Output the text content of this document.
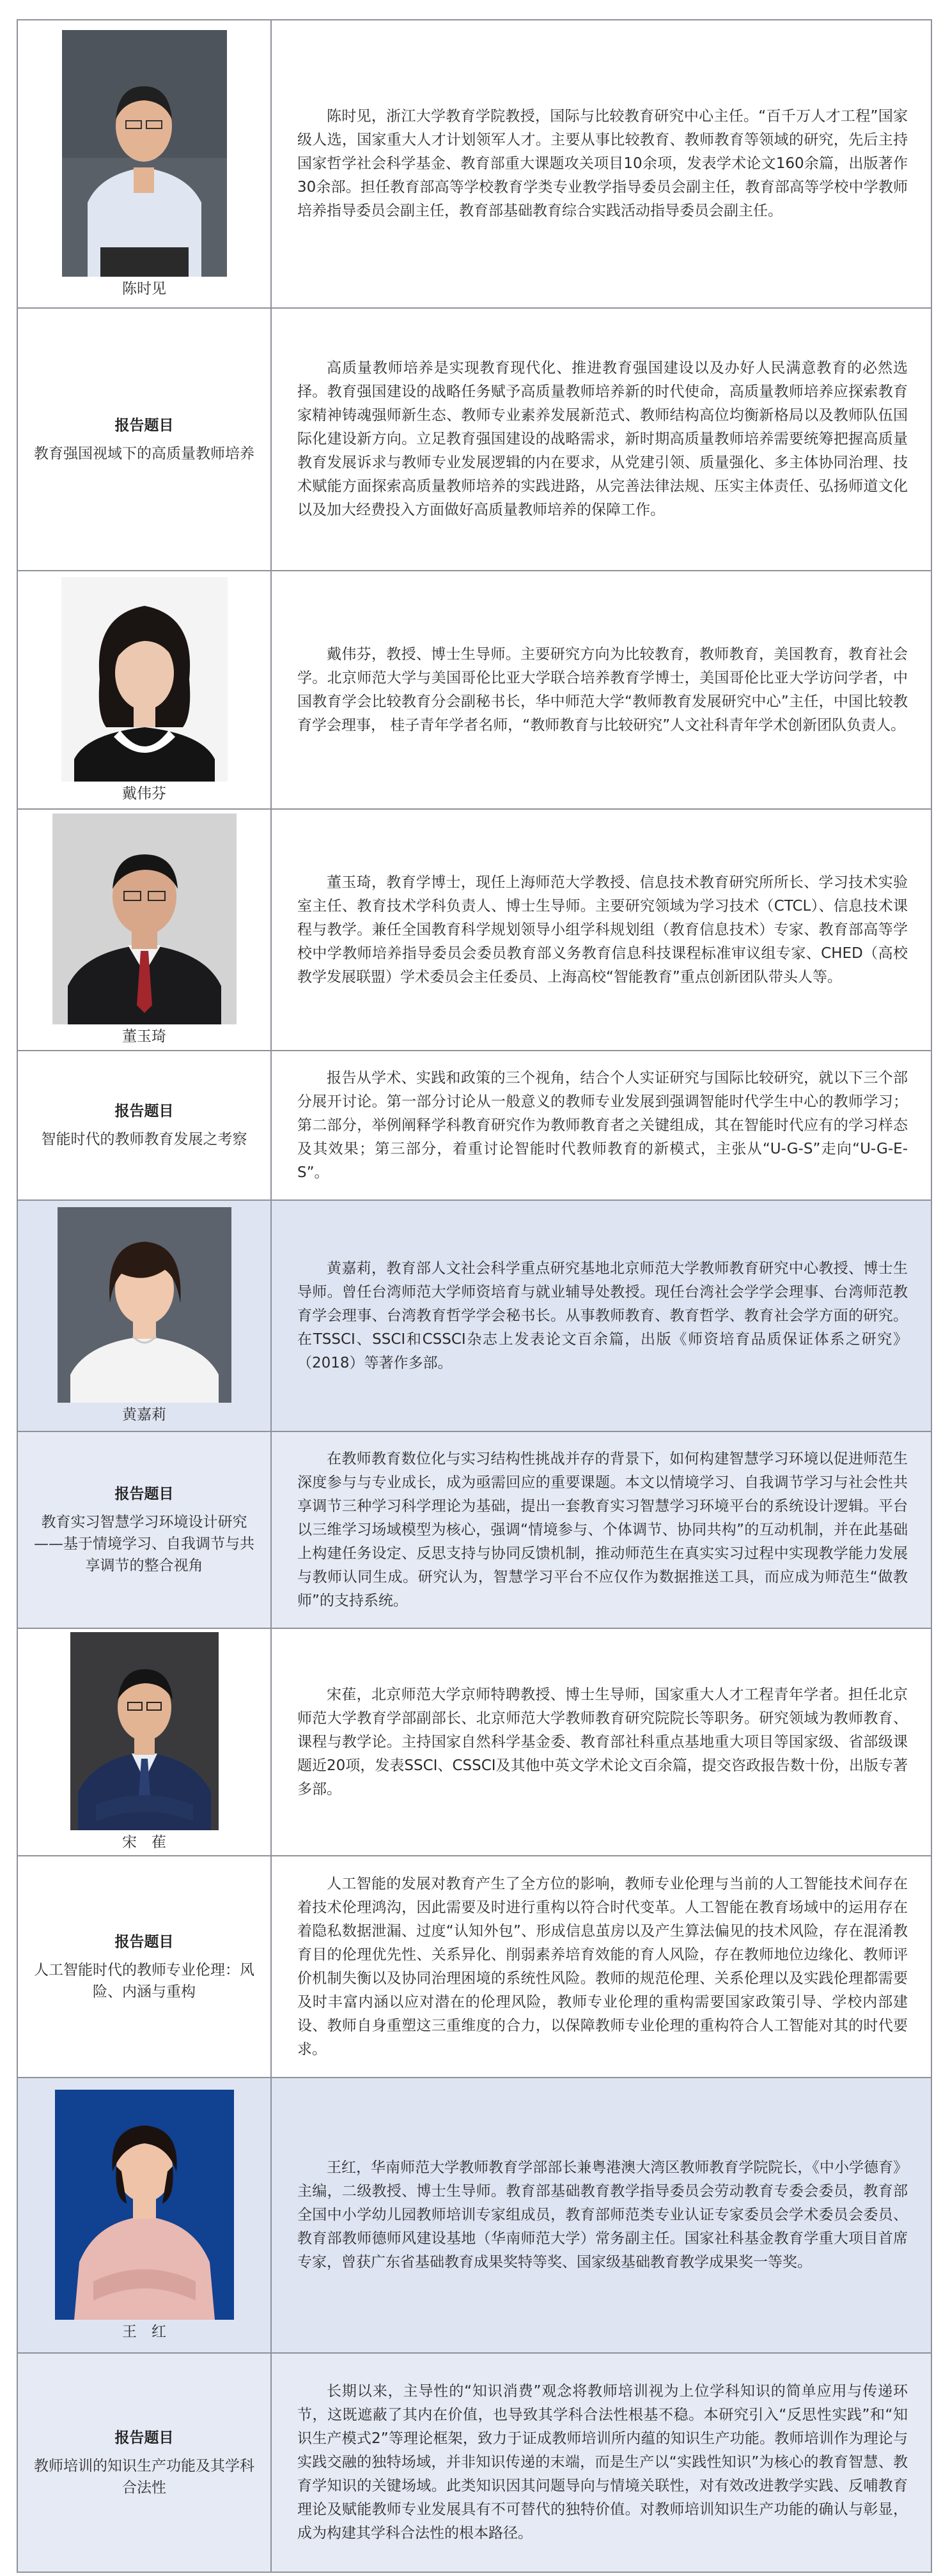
陈时见

陈时见，浙江大学教育学院教授，国际与比较教育研究中心主任。“百千万人才工程”国家级人选，国家重大人才计划领军人才。主要从事比较教育、教师教育等领域的研究，先后主持国家哲学社会科学基金、教育部重大课题攻关项目10余项，发表学术论文160余篇，出版著作30余部。担任教育部高等学校教育学类专业教学指导委员会副主任，教育部高等学校中学教师培养指导委员会副主任，教育部基础教育综合实践活动指导委员会副主任。

报告题目
教育强国视域下的高质量教师培养

高质量教师培养是实现教育现代化、推进教育强国建设以及办好人民满意教育的必然选择。教育强国建设的战略任务赋予高质量教师培养新的时代使命，高质量教师培养应探索教育家精神铸魂强师新生态、教师专业素养发展新范式、教师结构高位均衡新格局以及教师队伍国际化建设新方向。立足教育强国建设的战略需求，新时期高质量教师培养需要统筹把握高质量教育发展诉求与教师专业发展逻辑的内在要求，从党建引领、质量强化、多主体协同治理、技术赋能方面探索高质量教师培养的实践进路，从完善法律法规、压实主体责任、弘扬师道文化以及加大经费投入方面做好高质量教师培养的保障工作。

戴伟芬

戴伟芬，教授、博士生导师。主要研究方向为比较教育，教师教育，美国教育，教育社会学。北京师范大学与美国哥伦比亚大学联合培养教育学博士，美国哥伦比亚大学访问学者，中国教育学会比较教育分会副秘书长，华中师范大学“教师教育发展研究中心”主任，中国比较教育学会理事， 桂子青年学者名师，“教师教育与比较研究”人文社科青年学术创新团队负责人。

董玉琦

董玉琦，教育学博士，现任上海师范大学教授、信息技术教育研究所所长、学习技术实验室主任、教育技术学科负责人、博士生导师。主要研究领域为学习技术（CTCL）、信息技术课程与教学。兼任全国教育科学规划领导小组学科规划组（教育信息技术）专家、教育部高等学校中学教师培养指导委员会委员教育部义务教育信息科技课程标准审议组专家、CHED（高校教学发展联盟）学术委员会主任委员、上海高校“智能教育”重点创新团队带头人等。

报告题目
智能时代的教师教育发展之考察

报告从学术、实践和政策的三个视角，结合个人实证研究与国际比较研究，就以下三个部分展开讨论。第一部分讨论从一般意义的教师专业发展到强调智能时代学生中心的教师学习；第二部分，举例阐释学科教育研究作为教师教育者之关键组成，其在智能时代应有的学习样态及其效果；第三部分，着重讨论智能时代教师教育的新模式，主张从“U-G-S”走向“U-G-E-S”。

黄嘉莉

黄嘉莉，教育部人文社会科学重点研究基地北京师范大学教师教育研究中心教授、博士生导师。曾任台湾师范大学师资培育与就业辅导处教授。现任台湾社会学学会理事、台湾师范教育学会理事、台湾教育哲学学会秘书长。从事教师教育、教育哲学、教育社会学方面的研究。在TSSCI、SSCI和CSSCI杂志上发表论文百余篇，出版《师资培育品质保证体系之研究》（2018）等著作多部。

报告题目
教育实习智慧学习环境设计研究——基于情境学习、自我调节与共享调节的整合视角

在教师教育数位化与实习结构性挑战并存的背景下，如何构建智慧学习环境以促进师范生深度参与与专业成长，成为亟需回应的重要课题。本文以情境学习、自我调节学习与社会性共享调节三种学习科学理论为基础，提出一套教育实习智慧学习环境平台的系统设计逻辑。平台以三维学习场域模型为核心，强调“情境参与、个体调节、协同共构”的互动机制，并在此基础上构建任务设定、反思支持与协同反馈机制，推动师范生在真实实习过程中实现教学能力发展与教师认同生成。研究认为，智慧学习平台不应仅作为数据推送工具，而应成为师范生“做教师”的支持系统。

宋　萑

宋萑，北京师范大学京师特聘教授、博士生导师，国家重大人才工程青年学者。担任北京师范大学教育学部副部长、北京师范大学教师教育研究院院长等职务。研究领域为教师教育、课程与教学论。主持国家自然科学基金委、教育部社科重点基地重大项目等国家级、省部级课题近20项，发表SSCI、CSSCI及其他中英文学术论文百余篇，提交咨政报告数十份，出版专著多部。

报告题目
人工智能时代的教师专业伦理：风险、内涵与重构

人工智能的发展对教育产生了全方位的影响，教师专业伦理与当前的人工智能技术间存在着技术伦理鸿沟，因此需要及时进行重构以符合时代变革。人工智能在教育场域中的运用存在着隐私数据泄漏、过度“认知外包”、形成信息茧房以及产生算法偏见的技术风险，存在混淆教育目的伦理优先性、关系异化、削弱素养培育效能的育人风险，存在教师地位边缘化、教师评价机制失衡以及协同治理困境的系统性风险。教师的规范伦理、关系伦理以及实践伦理都需要及时丰富内涵以应对潜在的伦理风险，教师专业伦理的重构需要国家政策引导、学校内部建设、教师自身重塑这三重维度的合力，以保障教师专业伦理的重构符合人工智能对其的时代要求。

王　红

王红，华南师范大学教师教育学部部长兼粤港澳大湾区教师教育学院院长，《中小学德育》主编，二级教授、博士生导师。教育部基础教育教学指导委员会劳动教育专委会委员，教育部全国中小学幼儿园教师培训专家组成员，教育部师范类专业认证专家委员会学术委员会委员、教育部教师德师风建设基地（华南师范大学）常务副主任。国家社科基金教育学重大项目首席专家，曾获广东省基础教育成果奖特等奖、国家级基础教育教学成果奖一等奖。

报告题目
教师培训的知识生产功能及其学科合法性

长期以来，主导性的“知识消费”观念将教师培训视为上位学科知识的简单应用与传递环节，这既遮蔽了其内在价值，也导致其学科合法性根基不稳。本研究引入“反思性实践”和“知识生产模式2”等理论框架，致力于证成教师培训所内蕴的知识生产功能。教师培训作为理论与实践交融的独特场域，并非知识传递的末端，而是生产以“实践性知识”为核心的教育智慧、教育学知识的关键场域。此类知识因其问题导向与情境关联性，对有效改进教学实践、反哺教育理论及赋能教师专业发展具有不可替代的独特价值。对教师培训知识生产功能的确认与彰显，成为构建其学科合法性的根本路径。
